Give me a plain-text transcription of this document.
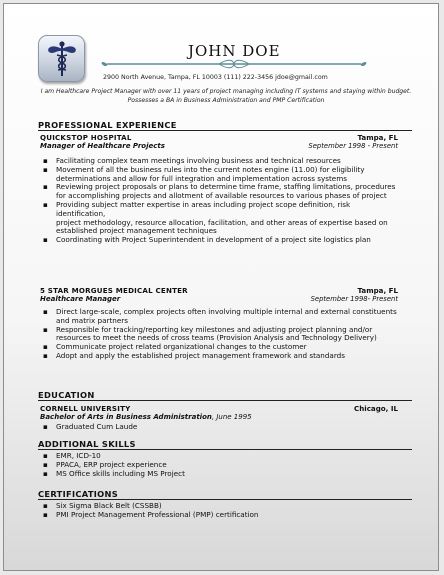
JOHN DOE
2900 North Avenue, Tampa, FL 10003 (111) 222-3456 jdoe@gmail.com
I am Healthcare Project Manager with over 11 years of project managing including IT systems and staying within budget. Possesses a BA in Business Administration and PMP Certification
PROFESSIONAL EXPERIENCE
QUICKSTOP HOSPITAL	Tampa, FL
Manager of Healthcare Projects	September 1998 - Present
▪ Facilitating complex team meetings involving business and technical resources
▪ Movement of all the business rules into the current notes engine (11.00) for eligibility determinations and allow for full integration and implementation across systems
▪ Reviewing project proposals or plans to determine time frame, staffing limitations, procedures for accomplishing projects and allotment of available resources to various phases of project
▪ Providing subject matter expertise in areas including project scope definition, risk identification,
project methodology, resource allocation, facilitation, and other areas of expertise based on established project management techniques
▪ Coordinating with Project Superintendent in development of a project site logistics plan
5 STAR MORGUES MEDICAL CENTER	Tampa, FL
Healthcare Manager	September 1998- Present
▪ Direct large-scale, complex projects often involving multiple internal and external constituents and matrix partners
▪ Responsible for tracking/reporting key milestones and adjusting project planning and/or resources to meet the needs of cross teams (Provision Analysis and Technology Delivery)
▪ Communicate project related organizational changes to the customer
▪ Adopt and apply the established project management framework and standards
EDUCATION
CORNELL UNIVERSITY	Chicago, IL
Bachelor of Arts in Business Administration, June 1995
▪ Graduated Cum Laude
ADDITIONAL SKILLS
▪ EMR, ICD-10
▪ PPACA, ERP project experience
▪ MS Office skills including MS Project
CERTIFICATIONS
▪ Six Sigma Black Belt (CSSBB)
▪ PMI Project Management Professional (PMP) certification
